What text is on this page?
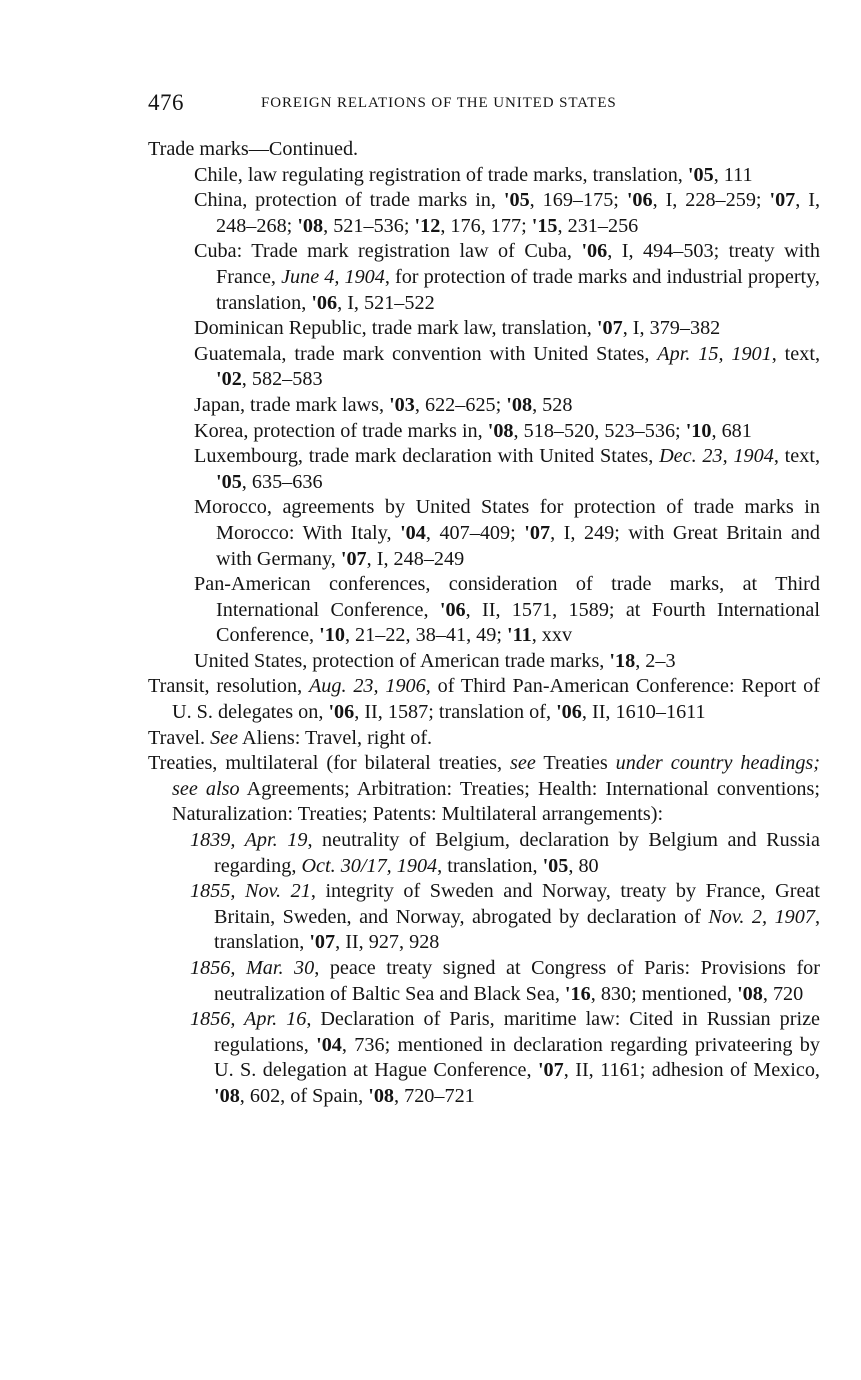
476	FOREIGN RELATIONS OF THE UNITED STATES

Trade marks—Continued.

Chile, law regulating registration of trade marks, translation, '05, 111

China, protection of trade marks in, '05, 169–175; '06, I, 228–259; '07, I, 248–268; '08, 521–536; '12, 176, 177; '15, 231–256

Cuba: Trade mark registration law of Cuba, '06, I, 494–503; treaty with France, June 4, 1904, for protection of trade marks and industrial property, translation, '06, I, 521–522

Dominican Republic, trade mark law, translation, '07, I, 379–382

Guatemala, trade mark convention with United States, Apr. 15, 1901, text, '02, 582–583

Japan, trade mark laws, '03, 622–625; '08, 528

Korea, protection of trade marks in, '08, 518–520, 523–536; '10, 681

Luxembourg, trade mark declaration with United States, Dec. 23, 1904, text, '05, 635–636

Morocco, agreements by United States for protection of trade marks in Morocco: With Italy, '04, 407–409; '07, I, 249; with Great Britain and with Germany, '07, I, 248–249

Pan-American conferences, consideration of trade marks, at Third International Conference, '06, II, 1571, 1589; at Fourth International Conference, '10, 21–22, 38–41, 49; '11, xxv

United States, protection of American trade marks, '18, 2–3

Transit, resolution, Aug. 23, 1906, of Third Pan-American Conference: Report of U. S. delegates on, '06, II, 1587; translation of, '06, II, 1610–1611

Travel. See Aliens: Travel, right of.

Treaties, multilateral (for bilateral treaties, see Treaties under country headings; see also Agreements; Arbitration: Treaties; Health: International conventions; Naturalization: Treaties; Patents: Multilateral arrangements):

1839, Apr. 19, neutrality of Belgium, declaration by Belgium and Russia regarding, Oct. 30/17, 1904, translation, '05, 80

1855, Nov. 21, integrity of Sweden and Norway, treaty by France, Great Britain, Sweden, and Norway, abrogated by declaration of Nov. 2, 1907, translation, '07, II, 927, 928

1856, Mar. 30, peace treaty signed at Congress of Paris: Provisions for neutralization of Baltic Sea and Black Sea, '16, 830; mentioned, '08, 720

1856, Apr. 16, Declaration of Paris, maritime law: Cited in Russian prize regulations, '04, 736; mentioned in declaration regarding privateering by U. S. delegation at Hague Conference, '07, II, 1161; adhesion of Mexico, '08, 602, of Spain, '08, 720–721
